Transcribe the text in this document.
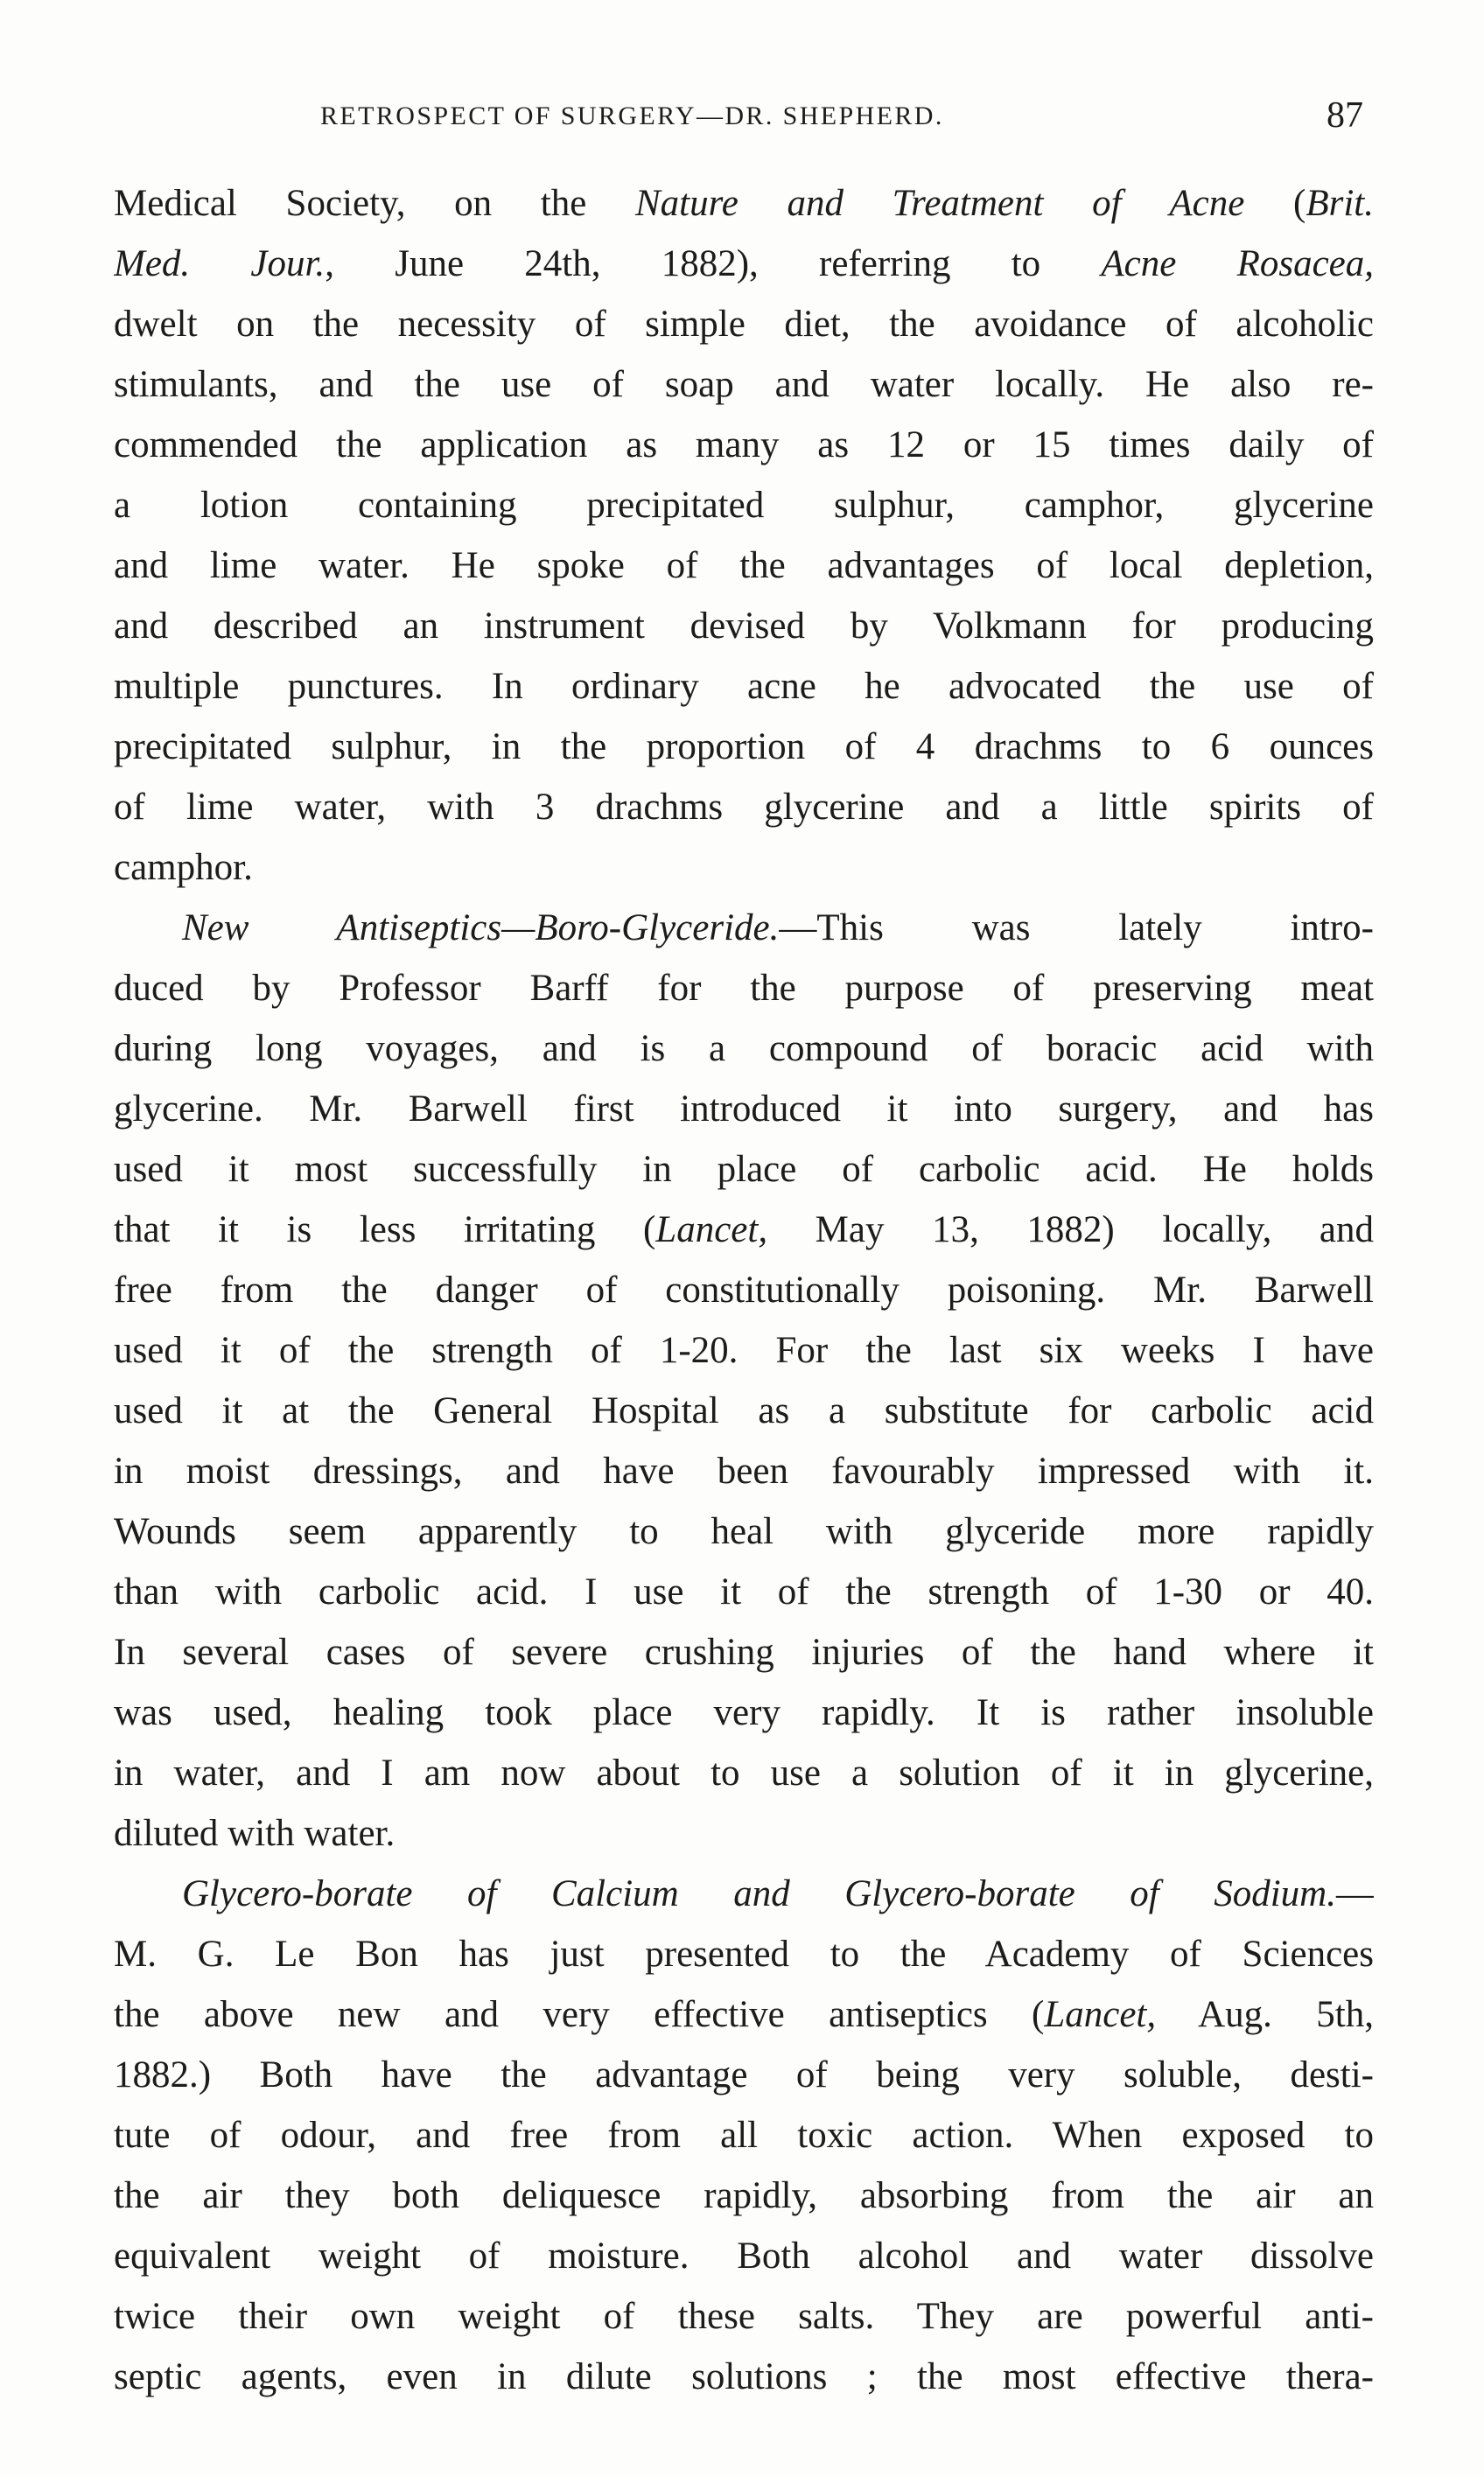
RETROSPECT OF SURGERY—DR. SHEPHERD.	87
Medical Society, on the Nature and Treatment of Acne (Brit.
Med. Jour., June 24th, 1882), referring to Acne Rosacea,
dwelt on the necessity of simple diet, the avoidance of alcoholic
stimulants, and the use of soap and water locally. He also re-
commended the application as many as 12 or 15 times daily of
a lotion containing precipitated sulphur, camphor, glycerine
and lime water. He spoke of the advantages of local depletion,
and described an instrument devised by Volkmann for producing
multiple punctures. In ordinary acne he advocated the use of
precipitated sulphur, in the proportion of 4 drachms to 6 ounces
of lime water, with 3 drachms glycerine and a little spirits of
camphor.
New Antiseptics—Boro-Glyceride.—This was lately intro-
duced by Professor Barff for the purpose of preserving meat
during long voyages, and is a compound of boracic acid with
glycerine. Mr. Barwell first introduced it into surgery, and has
used it most successfully in place of carbolic acid. He holds
that it is less irritating (Lancet, May 13, 1882) locally, and
free from the danger of constitutionally poisoning. Mr. Barwell
used it of the strength of 1-20. For the last six weeks I have
used it at the General Hospital as a substitute for carbolic acid
in moist dressings, and have been favourably impressed with it.
Wounds seem apparently to heal with glyceride more rapidly
than with carbolic acid. I use it of the strength of 1-30 or 40.
In several cases of severe crushing injuries of the hand where it
was used, healing took place very rapidly. It is rather insoluble
in water, and I am now about to use a solution of it in glycerine,
diluted with water.
Glycero-borate of Calcium and Glycero-borate of Sodium.—
M. G. Le Bon has just presented to the Academy of Sciences
the above new and very effective antiseptics (Lancet, Aug. 5th,
1882.) Both have the advantage of being very soluble, desti-
tute of odour, and free from all toxic action. When exposed to
the air they both deliquesce rapidly, absorbing from the air an
equivalent weight of moisture. Both alcohol and water dissolve
twice their own weight of these salts. They are powerful anti-
septic agents, even in dilute solutions ; the most effective thera-
